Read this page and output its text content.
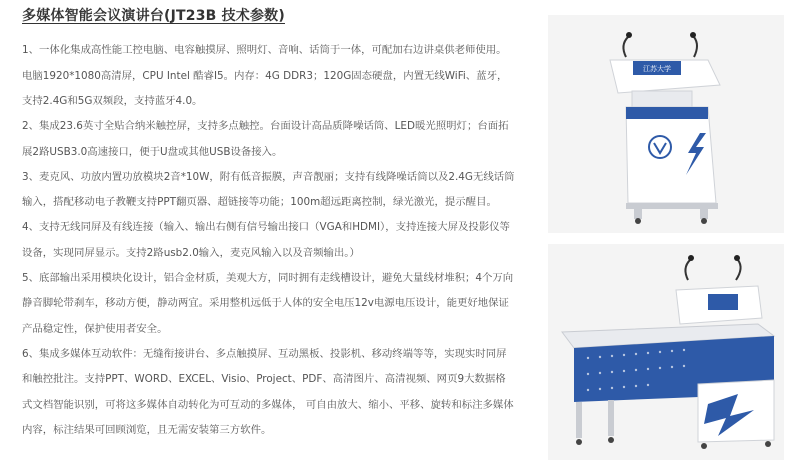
多媒体智能会议演讲台(JT23B 技术参数)
1、一体化集成高性能工控电脑、电容触摸屏、照明灯、音响、话筒于一体，可配加右边讲桌供老师使用。电脑1920*1080高清屏，CPU Intel 酷睿I5。内存：4G DDR3；120G固态硬盘，内置无线WiFi、蓝牙，支持2.4G和5G双频段，支持蓝牙4.0。
2、集成23.6英寸全贴合纳米触控屏，支持多点触控。台面设计高品质降噪话筒、LED暖光照明灯；台面拓展2路USB3.0高速接口，便于U盘或其他USB设备接入。
3、麦克风、功放内置功放模块2音*10W，附有低音振膜，声音靓丽；支持有线降噪话筒以及2.4G无线话筒输入，搭配移动电子教鞭支持PPT翻页器、超链接等功能；100m超远距离控制，绿光激光，提示醒目。
4、支持无线同屏及有线连接（输入、输出右侧有信号输出接口（VGA和HDMI），支持连接大屏及投影仪等设备，实现同屏显示。支持2路usb2.0输入，麦克风输入以及音频输出。）
5、底部输出采用模块化设计，铝合金材质，美观大方，同时拥有走线槽设计，避免大量线材堆积；4个万向静音脚轮带刹车，移动方便，静动两宜。采用整机远低于人体的安全电压12v电源电压设计，能更好地保证产品稳定性，保护使用者安全。
6、集成多媒体互动软件：无缝衔接讲台、多点触摸屏、互动黑板、投影机、移动终端等等，实现实时同屏和触控批注。支持PPT、WORD、EXCEL、Visio、Project、PDF、高清图片、高清视频、网页9大数据格式文档智能识别，可将这多媒体自动转化为可互动的多媒体， 可自由放大、缩小、平移、旋转和标注多媒体内容，标注结果可回顾浏览，且无需安装第三方软件。
江苏大学
